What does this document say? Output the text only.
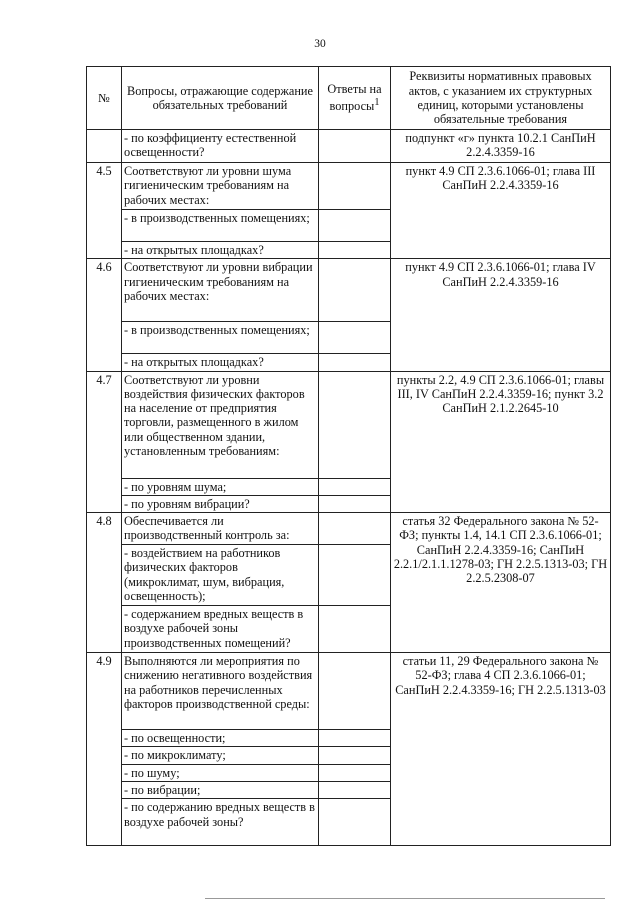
30
№	Вопросы, отражающие содержание обязательных требований	Ответы на вопросы$^1$	Реквизиты нормативных правовых актов, с указанием их структурных единиц, которыми установлены обязательные требования
	- по коэффициенту естественной освещенности?		подпункт «г» пункта 10.2.1 СанПиН 2.2.4.3359-16
4.5	Соответствуют ли уровни шума гигиеническим требованиям на рабочих местах:		пункт 4.9 СП 2.3.6.1066-01; глава III СанПиН 2.2.4.3359-16
	- в производственных помещениях;		
	- на открытых площадках?		
4.6	Соответствуют ли уровни вибрации гигиеническим требованиям на рабочих местах:		пункт 4.9 СП 2.3.6.1066-01; глава IV СанПиН 2.2.4.3359-16
	- в производственных помещениях;		
	- на открытых площадках?		
4.7	Соответствуют ли уровни воздействия физических факторов на население от предприятия торговли, размещенного в жилом или общественном здании, установленным требованиям:		пункты 2.2, 4.9 СП 2.3.6.1066-01; главы III, IV СанПиН 2.2.4.3359-16; пункт 3.2 СанПиН 2.1.2.2645-10
	- по уровням шума;		
	- по уровням вибрации?		
4.8	Обеспечивается ли производственный контроль за:		статья 32 Федерального закона № 52-ФЗ; пункты 1.4, 14.1 СП 2.3.6.1066-01; СанПиН 2.2.4.3359-16; СанПиН 2.2.1/2.1.1.1278-03; ГН 2.2.5.1313-03; ГН 2.2.5.2308-07
	- воздействием на работников физических факторов (микроклимат, шум, вибрация, освещенность);		
	- содержанием вредных веществ в воздухе рабочей зоны производственных помещений?		
4.9	Выполняются ли мероприятия по снижению негативного воздействия на работников перечисленных факторов производственной среды:		статьи 11, 29 Федерального закона № 52-ФЗ; глава 4 СП 2.3.6.1066-01; СанПиН 2.2.4.3359-16; ГН 2.2.5.1313-03
	- по освещенности;		
	- по микроклимату;		
	- по шуму;		
	- по вибрации;		
	- по содержанию вредных веществ в воздухе рабочей зоны?		
